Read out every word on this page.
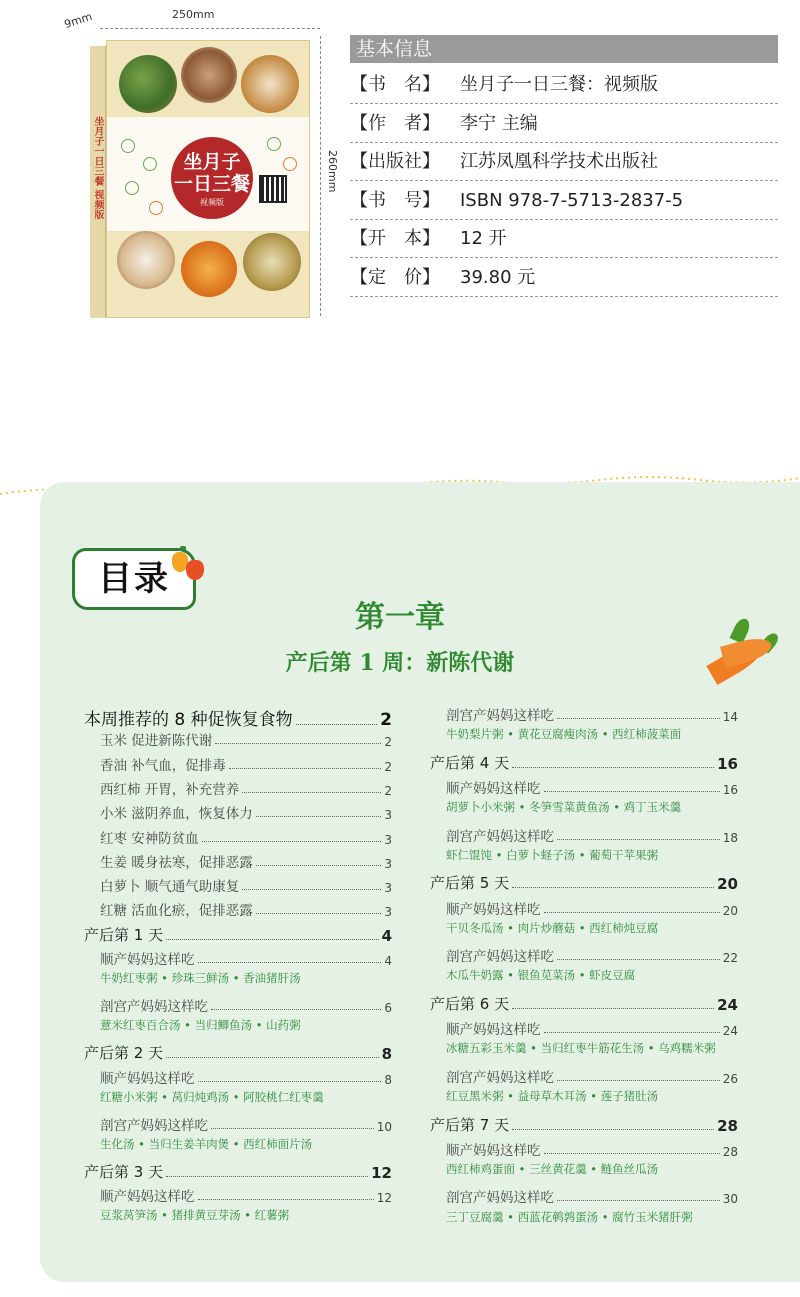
9mm	250mm
260mm
坐月子一日三餐 视频版	坐月子
一日三餐
视频版
基本信息
【书　名】 坐月子一日三餐：视频版
【作　者】 李宁 主编
【出版社】 江苏凤凰科学技术出版社
【书　号】 ISBN 978-7-5713-2837-5
【开　本】 12 开
【定　价】 39.80 元
目录
第一章
产后第 1 周：新陈代谢
本周推荐的 8 种促恢复食物	2
玉米 促进新陈代谢	2
香油 补气血，促排毒	2
西红柿 开胃，补充营养	2
小米 滋阴养血，恢复体力	3
红枣 安神防贫血	3
生姜 暖身祛寒，促排恶露	3
白萝卜 顺气通气助康复	3
红糖 活血化瘀，促排恶露	3
产后第 1 天	4
顺产妈妈这样吃	4
牛奶红枣粥 • 珍珠三鲜汤 • 香油猪肝汤
剖宫产妈妈这样吃	6
薏米红枣百合汤 • 当归鲫鱼汤 • 山药粥
产后第 2 天	8
顺产妈妈这样吃	8
红糖小米粥 • 莴归炖鸡汤 • 阿胶桃仁红枣羹
剖宫产妈妈这样吃	10
生化汤 • 当归生姜羊肉煲 • 西红柿面片汤
产后第 3 天	12
顺产妈妈这样吃	12
豆浆莴笋汤 • 猪排黄豆芽汤 • 红薯粥
剖宫产妈妈这样吃	14
牛奶梨片粥 • 黄花豆腐瘦肉汤 • 西红柿菠菜面
产后第 4 天	16
顺产妈妈这样吃	16
胡萝卜小米粥 • 冬笋雪菜黄鱼汤 • 鸡丁玉米羹
剖宫产妈妈这样吃	18
虾仁馄饨 • 白萝卜蛏子汤 • 葡萄干苹果粥
产后第 5 天	20
顺产妈妈这样吃	20
干贝冬瓜汤 • 肉片炒蘑菇 • 西红柿炖豆腐
剖宫产妈妈这样吃	22
木瓜牛奶露 • 银鱼苋菜汤 • 虾皮豆腐
产后第 6 天	24
顺产妈妈这样吃	24
冰糖五彩玉米羹 • 当归红枣牛筋花生汤 • 乌鸡糯米粥
剖宫产妈妈这样吃	26
红豆黑米粥 • 益母草木耳汤 • 莲子猪肚汤
产后第 7 天	28
顺产妈妈这样吃	28
西红柿鸡蛋面 • 三丝黄花羹 • 鲢鱼丝瓜汤
剖宫产妈妈这样吃	30
三丁豆腐羹 • 西蓝花鹌鹑蛋汤 • 腐竹玉米猪肝粥
